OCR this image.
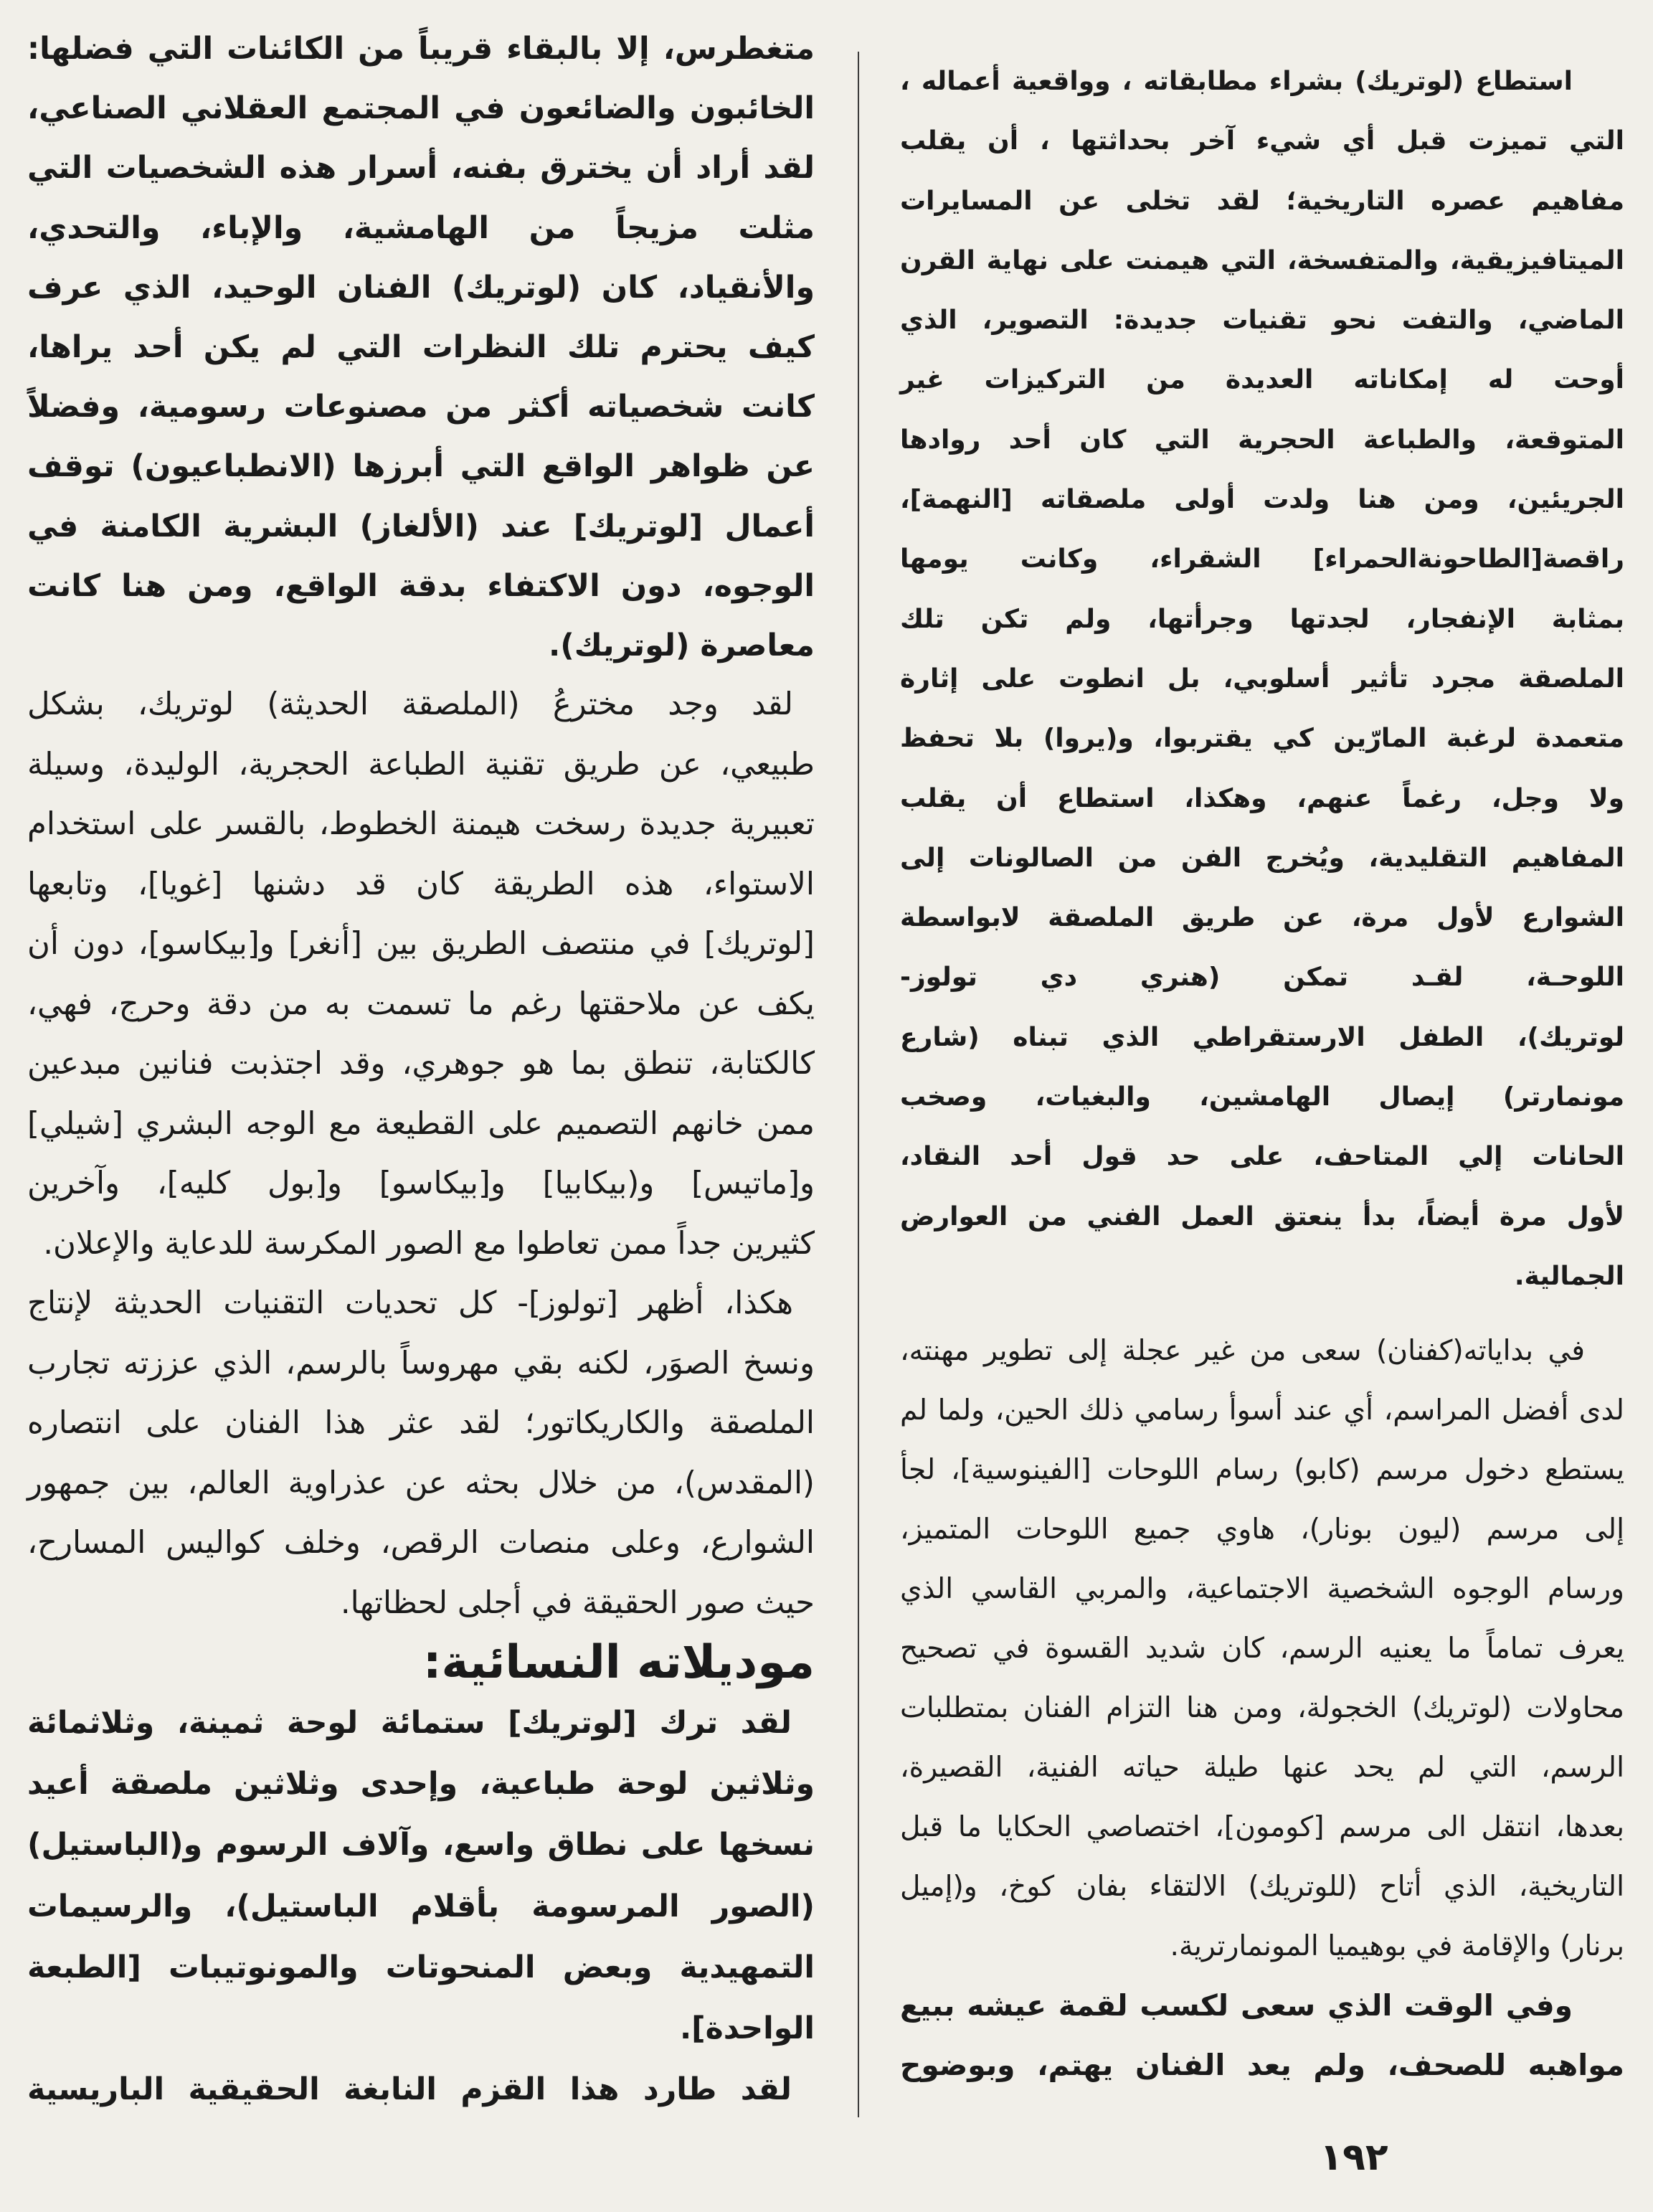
استطاع (لوتريك) بشراء مطابقاته ، وواقعية أعماله ،
التي تميزت قبل أي شيء آخر بحداثتها ، أن يقلب
مفاهيم عصره التاريخية؛ لقد تخلى عن المسايرات
الميتافيزيقية، والمتفسخة، التي هيمنت على نهاية القرن
الماضي، والتفت نحو تقنيات جديدة: التصوير، الذي
أوحت له إمكاناته العديدة من التركيزات غير
المتوقعة، والطباعة الحجرية التي كان أحد روادها
الجريئين، ومن هنا ولدت أولى ملصقاته [النهمة]،
راقصة[الطاحونةالحمراء] الشقراء، وكانت يومها
بمثابة الإنفجار، لجدتها وجرأتها، ولم تكن تلك
الملصقة مجرد تأثير أسلوبي، بل انطوت على إثارة
متعمدة لرغبة المارّين كي يقتربوا، و(يروا) بلا تحفظ
ولا وجل، رغماً عنهم، وهكذا، استطاع أن يقلب
المفاهيم التقليدية، ويُخرج الفن من الصالونات إلى
الشوارع لأول مرة، عن طريق الملصقة لابواسطة
اللوحـة، لقـد تمكن (هنري دي تولوز-
لوتريك)، الطفل الارستقراطي الذي تبناه (شارع
مونمارتر) إيصال الهامشين، والبغيات، وصخب
الحانات إلي المتاحف، على حد قول أحد النقاد،
لأول مرة أيضاً، بدأ ينعتق العمل الفني من العوارض
الجمالية.
في بداياته(كفنان) سعى من غير عجلة إلى تطوير مهنته،
لدى أفضل المراسم، أي عند أسوأ رسامي ذلك الحين، ولما لم
يستطع دخول مرسم (كابو) رسام اللوحات [الفينوسية]، لجأ
إلى مرسم (ليون بونار)، هاوي جميع اللوحات المتميز،
ورسام الوجوه الشخصية الاجتماعية، والمربي القاسي الذي
يعرف تماماً ما يعنيه الرسم، كان شديد القسوة في تصحيح
محاولات (لوتريك) الخجولة، ومن هنا التزام الفنان بمتطلبات
الرسم، التي لم يحد عنها طيلة حياته الفنية، القصيرة،
بعدها، انتقل الى مرسم [كومون]، اختصاصي الحكايا ما قبل
التاريخية، الذي أتاح (للوتريك) الالتقاء بفان كوخ، و(إميل
برنار) والإقامة في بوهيميا المونمارترية.
وفي الوقت الذي سعى لكسب لقمة عيشه ببيع
مواهبه للصحف، ولم يعد الفنان يهتم، وبوضوح
متغطرس، إلا بالبقاء قريباً من الكائنات التي فضلها:
الخائبون والضائعون في المجتمع العقلاني الصناعي،
لقد أراد أن يخترق بفنه، أسرار هذه الشخصيات التي
مثلت مزيجاً من الهامشية، والإباء، والتحدي،
والأنقياد، كان (لوتريك) الفنان الوحيد، الذي عرف
كيف يحترم تلك النظرات التي لم يكن أحد يراها،
كانت شخصياته أكثر من مصنوعات رسومية، وفضلاً
عن ظواهر الواقع التي أبرزها (الانطباعيون) توقف
أعمال [لوتريك] عند (الألغاز) البشرية الكامنة في
الوجوه، دون الاكتفاء بدقة الواقع، ومن هنا كانت
معاصرة (لوتريك).
لقد وجد مخترعُ (الملصقة الحديثة) لوتريك، بشكل
طبيعي، عن طريق تقنية الطباعة الحجرية، الوليدة، وسيلة
تعبيرية جديدة رسخت هيمنة الخطوط، بالقسر على استخدام
الاستواء، هذه الطريقة كان قد دشنها [غويا]، وتابعها
[لوتريك] في منتصف الطريق بين [أنغر] و[بيكاسو]، دون أن
يكف عن ملاحقتها رغم ما تسمت به من دقة وحرج، فهي،
كالكتابة، تنطق بما هو جوهري، وقد اجتذبت فنانين مبدعين
ممن خانهم التصميم على القطيعة مع الوجه البشري [شيلي]
و[ماتيس] و(بيكابيا] و[بيكاسو] و[بول كليه]، وآخرين
كثيرين جداً ممن تعاطوا مع الصور المكرسة للدعاية والإعلان.
هكذا، أظهر [تولوز]- كل تحديات التقنيات الحديثة لإنتاج
ونسخ الصوَر، لكنه بقي مهروساً بالرسم، الذي عززته تجارب
الملصقة والكاريكاتور؛ لقد عثر هذا الفنان على انتصاره
(المقدس)، من خلال بحثه عن عذراوية العالم، بين جمهور
الشوارع، وعلى منصات الرقص، وخلف كواليس المسارح،
حيث صور الحقيقة في أجلى لحظاتها.
موديلاته النسائية:
لقد ترك [لوتريك] ستمائة لوحة ثمينة، وثلاثمائة
وثلاثين لوحة طباعية، وإحدى وثلاثين ملصقة أعيد
نسخها على نطاق واسع، وآلاف الرسوم و(الباستيل)
(الصور المرسومة بأقلام الباستيل)، والرسيمات
التمهيدية وبعض المنحوتات والمونوتيبات [الطبعة
الواحدة].
لقد طارد هذا القزم النابغة الحقيقية الباريسية
١٩٢
